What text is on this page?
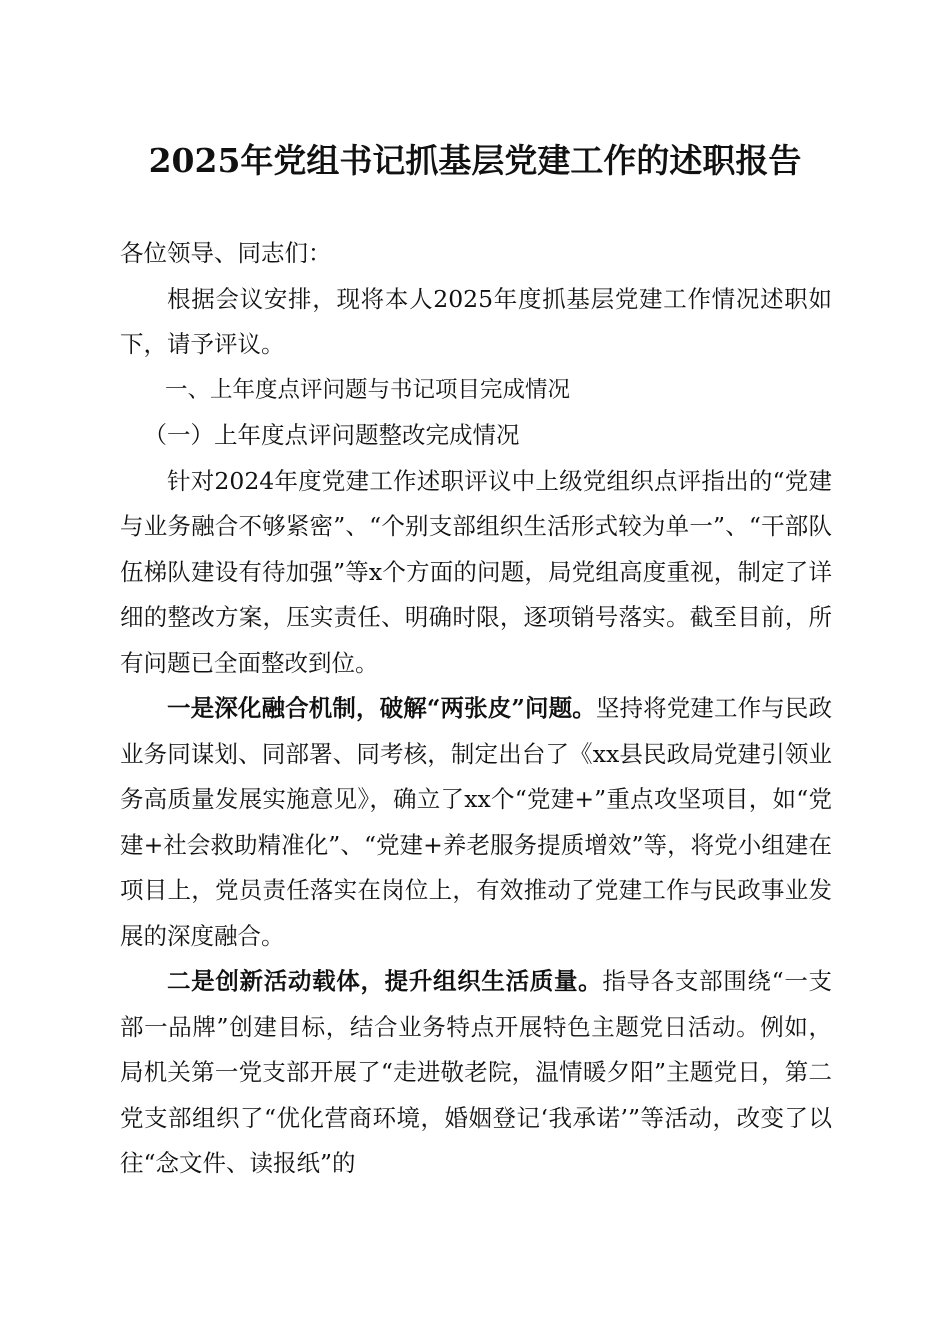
2025年党组书记抓基层党建工作的述职报告

各位领导、同志们：

根据会议安排，现将本人2025年度抓基层党建工作情况述职如下，请予评议。

一、上年度点评问题与书记项目完成情况

（一）上年度点评问题整改完成情况

针对2024年度党建工作述职评议中上级党组织点评指出的“党建与业务融合不够紧密”、“个别支部组织生活形式较为单一”、“干部队伍梯队建设有待加强”等x个方面的问题，局党组高度重视，制定了详细的整改方案，压实责任、明确时限，逐项销号落实。截至目前，所有问题已全面整改到位。

一是深化融合机制，破解“两张皮”问题。坚持将党建工作与民政业务同谋划、同部署、同考核，制定出台了《xx县民政局党建引领业务高质量发展实施意见》，确立了xx个“党建+”重点攻坚项目，如“党建+社会救助精准化”、“党建+养老服务提质增效”等，将党小组建在项目上，党员责任落实在岗位上，有效推动了党建工作与民政事业发展的深度融合。

二是创新活动载体，提升组织生活质量。指导各支部围绕“一支部一品牌”创建目标，结合业务特点开展特色主题党日活动。例如，局机关第一党支部开展了“走进敬老院，温情暖夕阳”主题党日，第二党支部组织了“优化营商环境，婚姻登记‘我承诺’”等活动，改变了以往“念文件、读报纸”的
